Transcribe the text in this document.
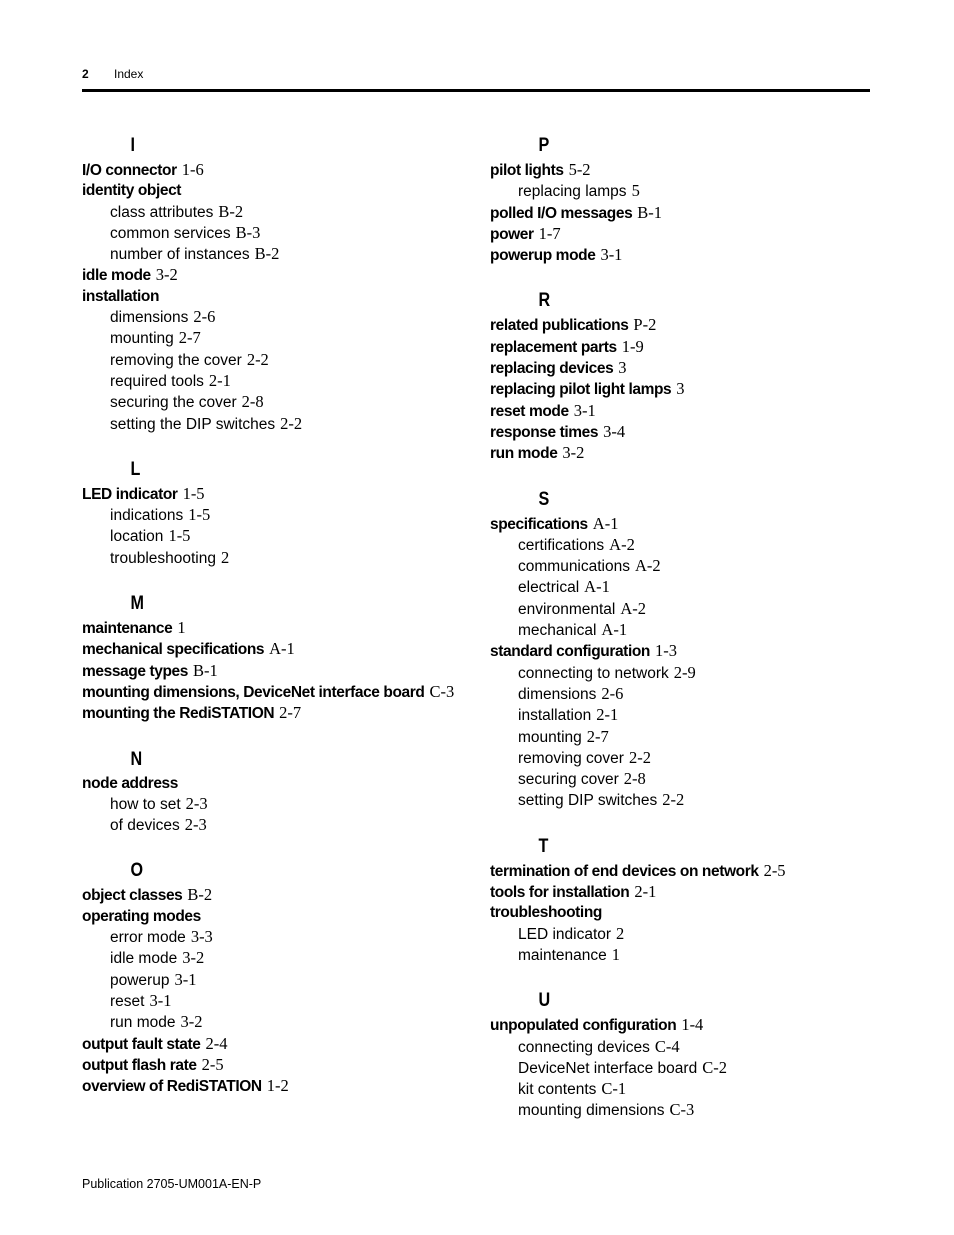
2 Index
I
I/O connector 1-6
identity object
class attributes B-2
common services B-3
number of instances B-2
idle mode 3-2
installation
dimensions 2-6
mounting 2-7
removing the cover 2-2
required tools 2-1
securing the cover 2-8
setting the DIP switches 2-2
L
LED indicator 1-5
indications 1-5
location 1-5
troubleshooting 2
M
maintenance 1
mechanical specifications A-1
message types B-1
mounting dimensions, DeviceNet interface board C-3
mounting the RediSTATION 2-7
N
node address
how to set 2-3
of devices 2-3
O
object classes B-2
operating modes
error mode 3-3
idle mode 3-2
powerup 3-1
reset 3-1
run mode 3-2
output fault state 2-4
output flash rate 2-5
overview of RediSTATION 1-2
P
pilot lights 5-2
replacing lamps 5
polled I/O messages B-1
power 1-7
powerup mode 3-1
R
related publications P-2
replacement parts 1-9
replacing devices 3
replacing pilot light lamps 3
reset mode 3-1
response times 3-4
run mode 3-2
S
specifications A-1
certifications A-2
communications A-2
electrical A-1
environmental A-2
mechanical A-1
standard configuration 1-3
connecting to network 2-9
dimensions 2-6
installation 2-1
mounting 2-7
removing cover 2-2
securing cover 2-8
setting DIP switches 2-2
T
termination of end devices on network 2-5
tools for installation 2-1
troubleshooting
LED indicator 2
maintenance 1
U
unpopulated configuration 1-4
connecting devices C-4
DeviceNet interface board C-2
kit contents C-1
mounting dimensions C-3
Publication 2705-UM001A-EN-P
